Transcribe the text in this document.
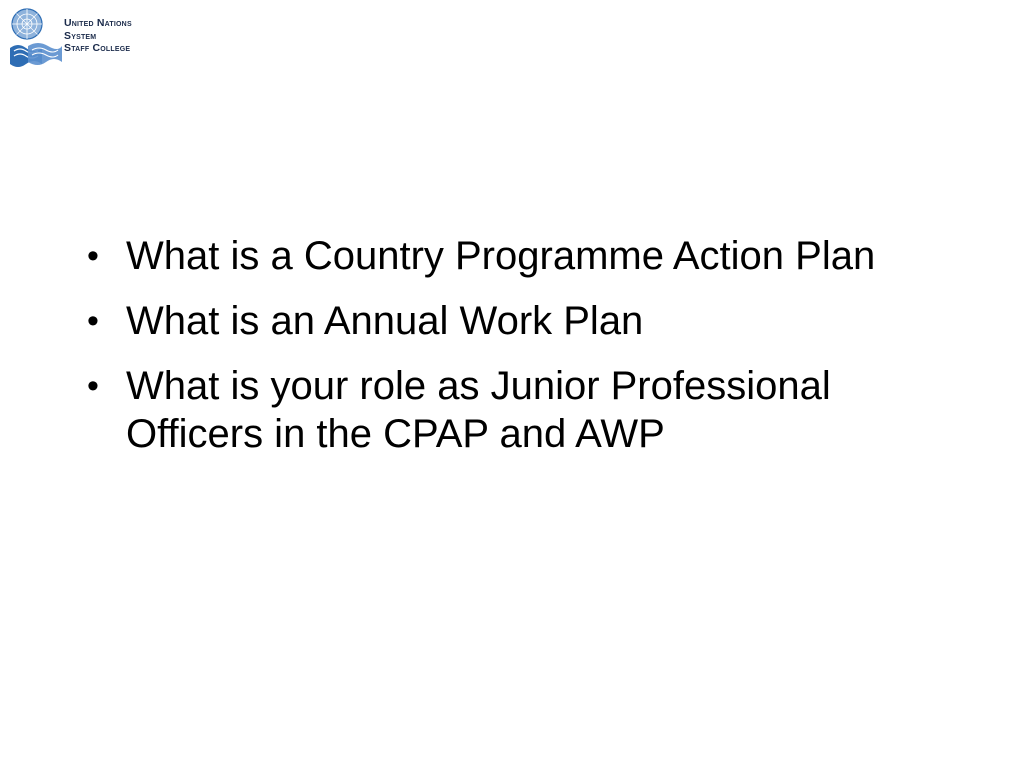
United Nations
System
Staff College
• What is a Country Programme Action Plan
• What is an Annual Work Plan
• What is your role as Junior Professional Officers in the CPAP and AWP
